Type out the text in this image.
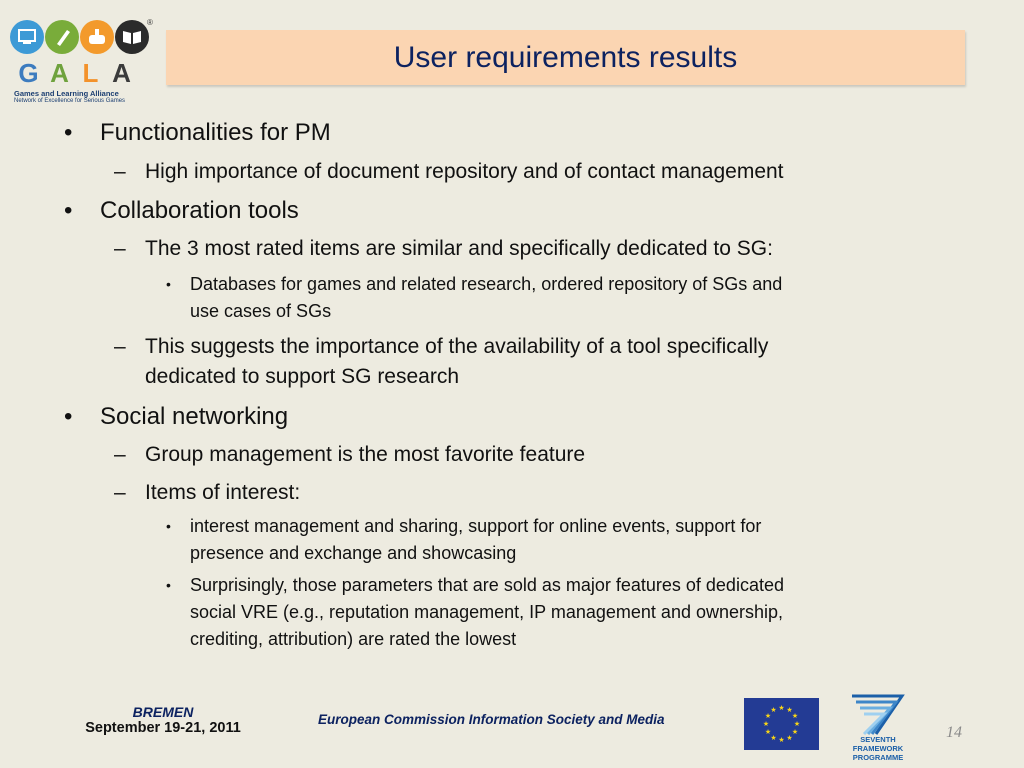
®
G A L A
Games and Learning Alliance
Network of Excellence for Serious Games
User requirements results
• Functionalities for PM
– High importance of document repository and of contact management
• Collaboration tools
– The 3 most rated items are similar and specifically dedicated to SG:
• Databases for games and related research, ordered repository of SGs and
use cases of SGs
– This suggests the importance of the availability of a tool specifically
dedicated to support SG research
• Social networking
– Group management is the most favorite feature
– Items of interest:
• interest management and sharing, support for online events, support for
presence and exchange and showcasing
• Surprisingly, those parameters that are sold as major features of dedicated
social VRE (e.g., reputation management, IP management and ownership,
crediting, attribution) are rated the lowest
BREMEN
September 19-21, 2011
European Commission Information Society and Media
★ ★
★
★
★
★
★
★
★
★
★
★
SEVENTH FRAMEWORK PROGRAMME
14
